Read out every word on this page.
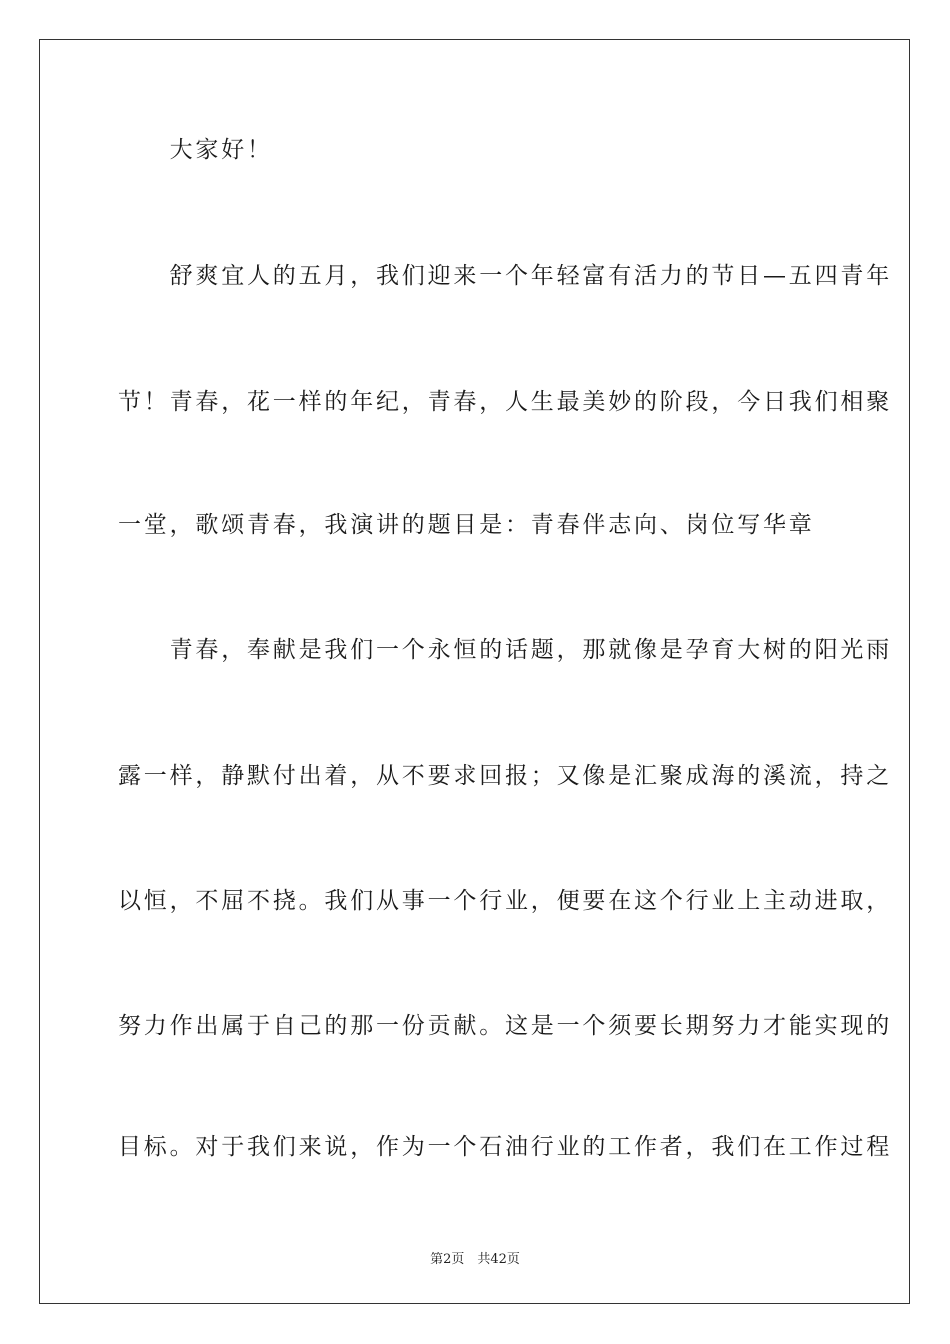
　　大家好！
　　舒爽宜人的五月，我们迎来一个年轻富有活力的节日—五四青年
节！青春，花一样的年纪，青春，人生最美妙的阶段，今日我们相聚
一堂，歌颂青春，我演讲的题目是：青春伴志向、岗位写华章
　　青春，奉献是我们一个永恒的话题，那就像是孕育大树的阳光雨
露一样，静默付出着，从不要求回报；又像是汇聚成海的溪流，持之
以恒，不屈不挠。我们从事一个行业，便要在这个行业上主动进取，
努力作出属于自己的那一份贡献。这是一个须要长期努力才能实现的
目标。对于我们来说，作为一个石油行业的工作者，我们在工作过程
第2页　共42页
